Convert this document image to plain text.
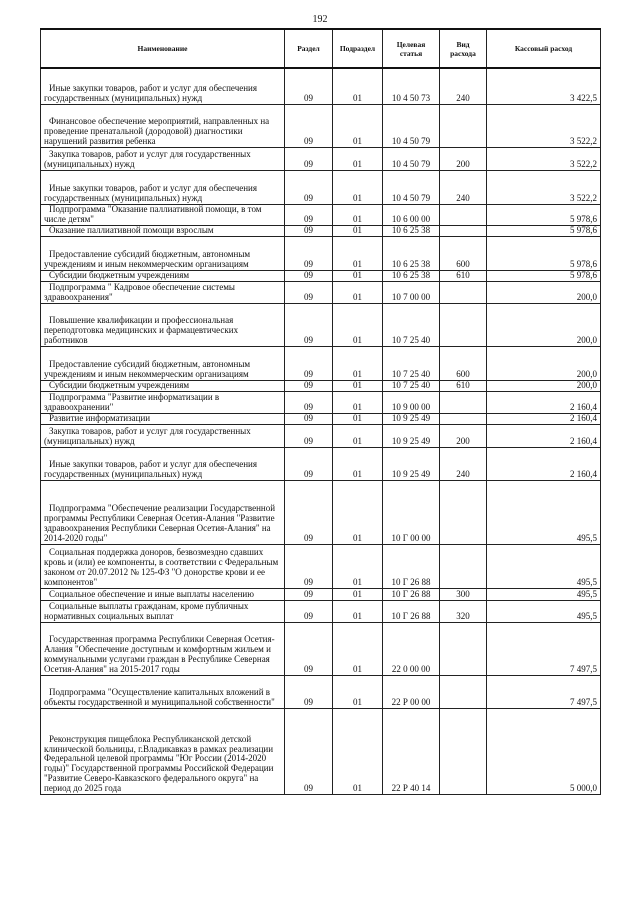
192
Наименование	Раздел	Подраздел	Целевая статья	Вид расхода	Кассовый расход
Иные закупки товаров, работ и услуг для обеспечения государственных (муниципальных) нужд	09	01	10 4 50 73	240	3 422,5
Финансовое обеспечение мероприятий, направленных на проведение пренатальной (дородовой) диагностики нарушений развития ребенка	09	01	10 4 50 79		3 522,2
Закупка товаров, работ и услуг для государственных (муниципальных) нужд	09	01	10 4 50 79	200	3 522,2
Иные закупки товаров, работ и услуг для обеспечения государственных (муниципальных) нужд	09	01	10 4 50 79	240	3 522,2
Подпрограмма "Оказание паллиативной помощи, в том числе детям"	09	01	10 6 00 00		5 978,6
Оказание паллиативной помощи взрослым	09	01	10 6 25 38		5 978,6
Предоставление субсидий бюджетным, автономным учреждениям и иным некоммерческим организациям	09	01	10 6 25 38	600	5 978,6
Субсидии бюджетным учреждениям	09	01	10 6 25 38	610	5 978,6
Подпрограмма " Кадровое обеспечение системы здравоохранения"	09	01	10 7 00 00		200,0
Повышение квалификации и профессиональная переподготовка медицинских и фармацевтических работников	09	01	10 7 25 40		200,0
Предоставление субсидий бюджетным, автономным учреждениям и иным некоммерческим организациям	09	01	10 7 25 40	600	200,0
Субсидии бюджетным учреждениям	09	01	10 7 25 40	610	200,0
Подпрограмма "Развитие информатизации в здравоохранении"	09	01	10 9 00 00		2 160,4
Развитие информатизации	09	01	10 9 25 49		2 160,4
Закупка товаров, работ и услуг для государственных (муниципальных) нужд	09	01	10 9 25 49	200	2 160,4
Иные закупки товаров, работ и услуг для обеспечения государственных (муниципальных) нужд	09	01	10 9 25 49	240	2 160,4
Подпрограмма "Обеспечение реализации Государственной программы Республики Северная Осетия-Алания "Развитие здравоохранения Республики Северная Осетия-Алания" на 2014-2020 годы"	09	01	10 Г 00 00		495,5
Социальная поддержка доноров, безвозмездно сдавших кровь и (или) ее компоненты, в соответствии с Федеральным законом от 20.07.2012 № 125-ФЗ "О донорстве крови и ее компонентов"	09	01	10 Г 26 88		495,5
Социальное обеспечение и иные выплаты населению	09	01	10 Г 26 88	300	495,5
Социальные выплаты гражданам, кроме публичных нормативных социальных выплат	09	01	10 Г 26 88	320	495,5
Государственная программа Республики Северная Осетия-Алания "Обеспечение доступным и комфортным жильем и коммунальными услугами граждан в Республике Северная Осетия-Алания" на 2015-2017 годы	09	01	22 0 00 00		7 497,5
Подпрограмма "Осуществление капитальных вложений в объекты государственной и муниципальной собственности"	09	01	22 Р 00 00		7 497,5
Реконструкция пищеблока Республиканской детской клинической больницы, г.Владикавказ в рамках реализации Федеральной целевой программы "Юг России (2014-2020 годы)" Государственной программы Российской Федерации "Развитие Северо-Кавказского федерального округа" на период до 2025 года	09	01	22 Р 40 14		5 000,0
